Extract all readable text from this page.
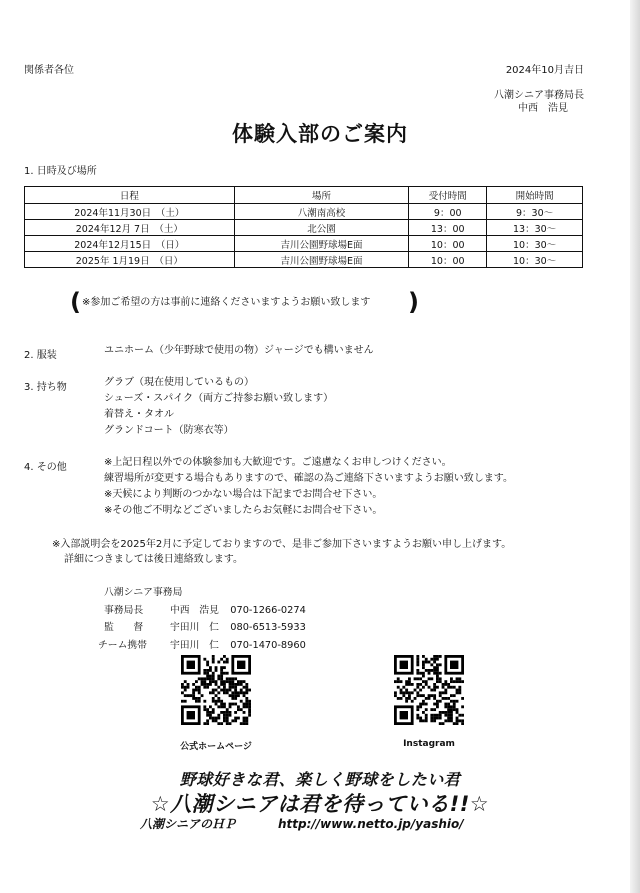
関係者各位	2024年10月吉日
八潮シニア事務局長
中西　浩見
体験入部のご案内
1. 日時及び場所
日程	場所	受付時間	開始時間
2024年11月30日　（土）	八潮南高校	9：00	9：30～
2024年12月 7日　（土）	北公園	13：00	13：30～
2024年12月15日　（日）	吉川公園野球場E面	10：00	10：30～
2025年 1月19日　（日）	吉川公園野球場E面	10：00	10：30～
( ※参加ご希望の方は事前に連絡くださいますようお願い致します )
2. 服装	ユニホーム（少年野球で使用の物）ジャージでも構いません
3. 持ち物	グラブ（現在使用しているもの）
シューズ・スパイク（両方ご持参お願い致します）
着替え・タオル
グランドコート（防寒衣等）
4. その他	※上記日程以外での体験参加も大歓迎です。ご遠慮なくお申しつけください。
練習場所が変更する場合もありますので、確認の為ご連絡下さいますようお願い致します。
※天候により判断のつかない場合は下記までお問合せ下さい。
※その他ご不明などございましたらお気軽にお問合せ下さい。
※入部説明会を2025年2月に予定しておりますので、是非ご参加下さいますようお願い申し上げます。
詳細につきましては後日連絡致します。
八潮シニア事務局
事務局長	中西　浩見 070-1266-0274
監　　督	宇田川　仁 080-6513-5933
チーム携帯 宇田川　仁 070-1470-8960
公式ホームページ	Instagram
野球好きな君、楽しく野球をしたい君
☆八潮シニアは君を待っている!!☆
八潮シニアのＨＰ	http://www.netto.jp/yashio/
